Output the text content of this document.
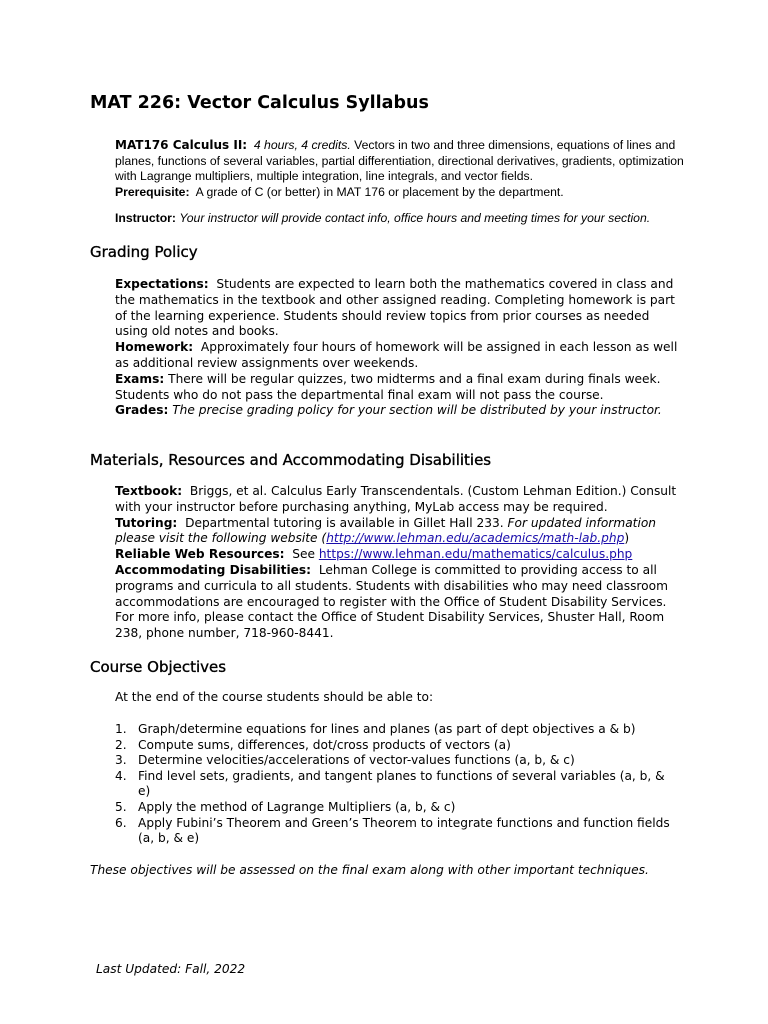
MAT 226: Vector Calculus Syllabus
MAT176 Calculus II: 4 hours, 4 credits. Vectors in two and three dimensions, equations of lines and planes, functions of several variables, partial differentiation, directional derivatives, gradients, optimization with Lagrange multipliers, multiple integration, line integrals, and vector fields.
Prerequisite: A grade of C (or better) in MAT 176 or placement by the department.
Instructor: Your instructor will provide contact info, office hours and meeting times for your section.
Grading Policy
Expectations: Students are expected to learn both the mathematics covered in class and the mathematics in the textbook and other assigned reading. Completing homework is part of the learning experience. Students should review topics from prior courses as needed using old notes and books.
Homework: Approximately four hours of homework will be assigned in each lesson as well as additional review assignments over weekends.
Exams: There will be regular quizzes, two midterms and a final exam during finals week. Students who do not pass the departmental final exam will not pass the course.
Grades: The precise grading policy for your section will be distributed by your instructor.
Materials, Resources and Accommodating Disabilities
Textbook: Briggs, et al. Calculus Early Transcendentals. (Custom Lehman Edition.) Consult with your instructor before purchasing anything, MyLab access may be required.
Tutoring: Departmental tutoring is available in Gillet Hall 233. For updated information please visit the following website (http://www.lehman.edu/academics/math-lab.php)
Reliable Web Resources: See https://www.lehman.edu/mathematics/calculus.php
Accommodating Disabilities: Lehman College is committed to providing access to all programs and curricula to all students. Students with disabilities who may need classroom accommodations are encouraged to register with the Office of Student Disability Services. For more info, please contact the Office of Student Disability Services, Shuster Hall, Room 238, phone number, 718-960-8441.
Course Objectives
At the end of the course students should be able to:
1. Graph/determine equations for lines and planes (as part of dept objectives a & b)
2. Compute sums, differences, dot/cross products of vectors (a)
3. Determine velocities/accelerations of vector-values functions (a, b, & c)
4. Find level sets, gradients, and tangent planes to functions of several variables (a, b, & e)
5. Apply the method of Lagrange Multipliers (a, b, & c)
6. Apply Fubini’s Theorem and Green’s Theorem to integrate functions and function fields (a, b, & e)
These objectives will be assessed on the final exam along with other important techniques.
Last Updated: Fall, 2022
